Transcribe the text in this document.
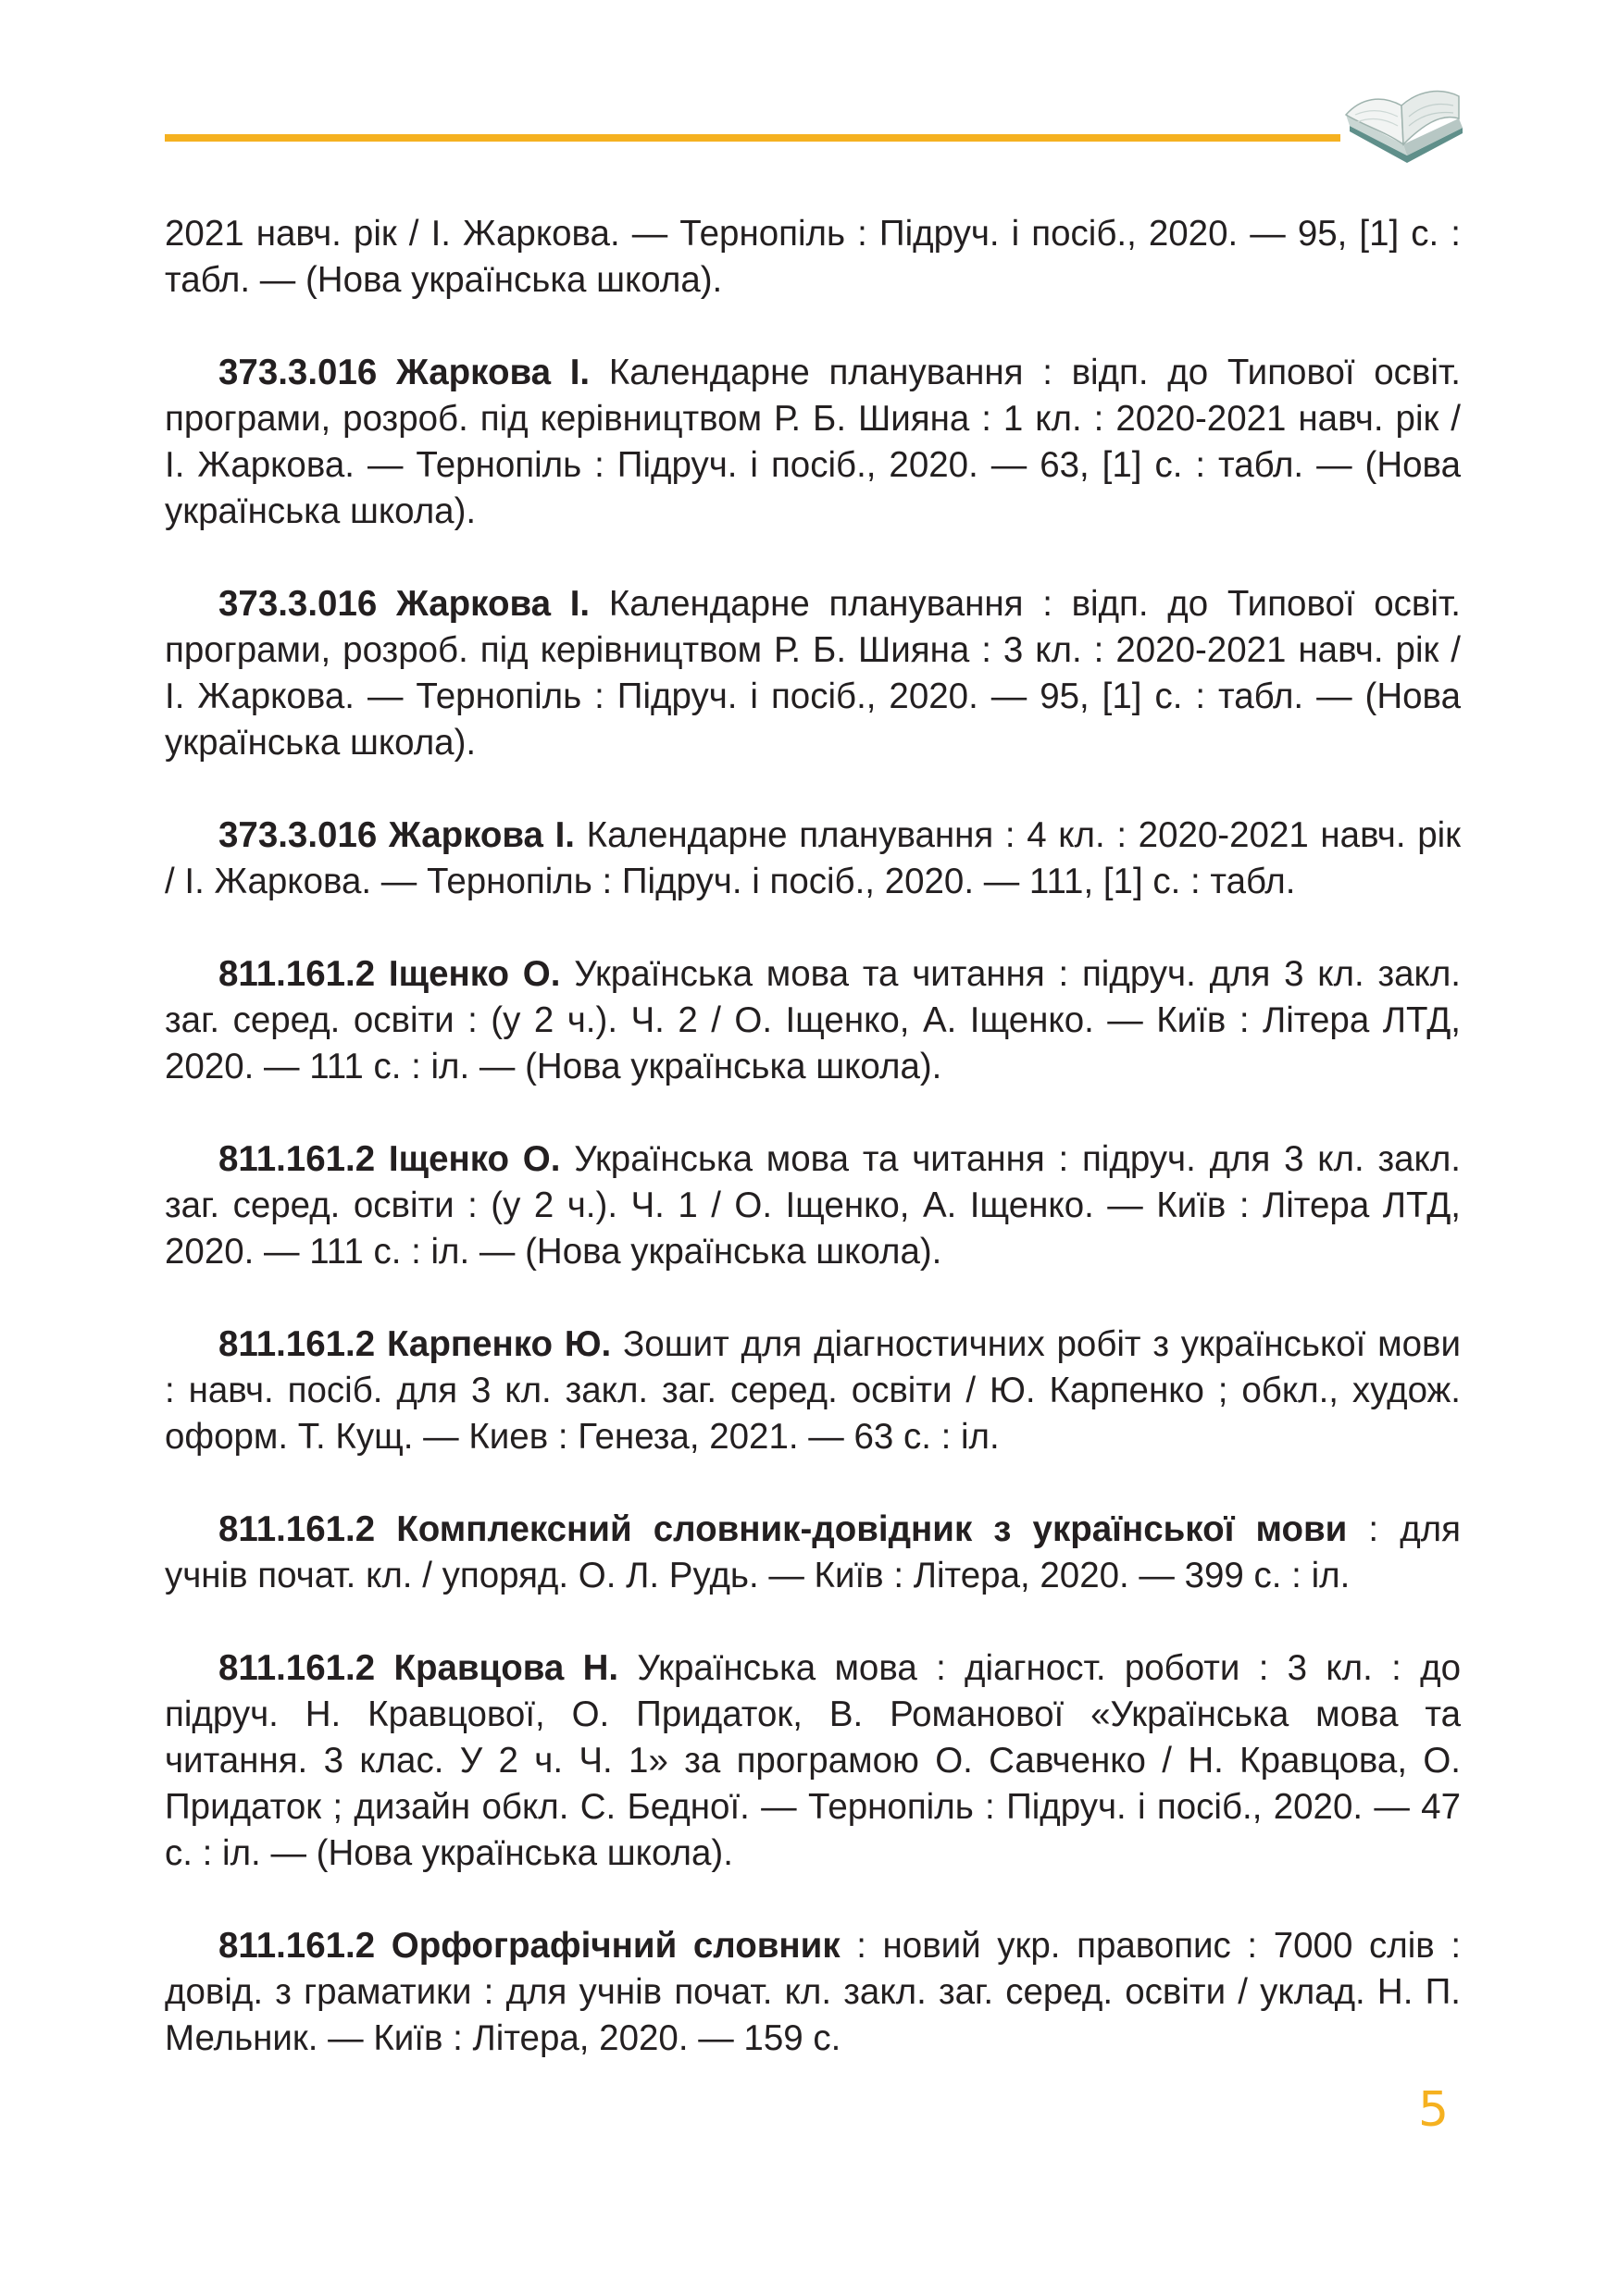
2021 навч. рік / І. Жаркова. — Тернопіль : Підруч. і посіб., 2020. — 95, [1] с. : табл. — (Нова українська школа).

373.3.016 Жаркова І. Календарне планування : відп. до Типової освіт. програми, розроб. під керівництвом Р. Б. Шияна : 1 кл. : 2020-2021 навч. рік / І. Жаркова. — Тернопіль : Підруч. і посіб., 2020. — 63, [1] с. : табл. — (Нова українська школа).

373.3.016 Жаркова І. Календарне планування : відп. до Типової освіт. програми, розроб. під керівництвом Р. Б. Шияна : 3 кл. : 2020-2021 навч. рік / І. Жаркова. — Тернопіль : Підруч. і посіб., 2020. — 95, [1] с. : табл. — (Нова українська школа).

373.3.016 Жаркова І. Календарне планування : 4 кл. : 2020-2021 навч. рік / І. Жаркова. — Тернопіль : Підруч. і посіб., 2020. — 111, [1] с. : табл.

811.161.2 Іщенко О. Українська мова та читання : підруч. для 3 кл. закл. заг. серед. освіти : (у 2 ч.). Ч. 2 / О. Іщенко, А. Іщенко. — Київ : Літера ЛТД, 2020. — 111 с. : іл. — (Нова українська школа).

811.161.2 Іщенко О. Українська мова та читання : підруч. для 3 кл. закл. заг. серед. освіти : (у 2 ч.). Ч. 1 / О. Іщенко, А. Іщенко. — Київ : Літера ЛТД, 2020. — 111 с. : іл. — (Нова українська школа).

811.161.2 Карпенко Ю. Зошит для діагностичних робіт з української мови : навч. посіб. для 3 кл. закл. заг. серед. освіти / Ю. Карпенко ; обкл., худож. оформ. Т. Кущ. — Киев : Генеза, 2021. — 63 с. : іл.

811.161.2 Комплексний словник-довідник з української мови : для учнів почат. кл. / упоряд. О. Л. Рудь. — Київ : Літера, 2020. — 399 с. : іл.

811.161.2 Кравцова Н. Українська мова : діагност. роботи : 3 кл. : до підруч. Н. Кравцової, О. Придаток, В. Романової «Українська мова та читання. 3 клас. У 2 ч. Ч. 1» за програмою О. Савченко / Н. Кравцова, О. Придаток ; дизайн обкл. С. Бедної. — Тернопіль : Підруч. і посіб., 2020. — 47 с. : іл. — (Нова українська школа).

811.161.2 Орфографічний словник : новий укр. правопис : 7000 слів : довід. з граматики : для учнів почат. кл. закл. заг. серед. освіти / уклад. Н. П. Мельник. — Київ : Літера, 2020. — 159 с.

5
